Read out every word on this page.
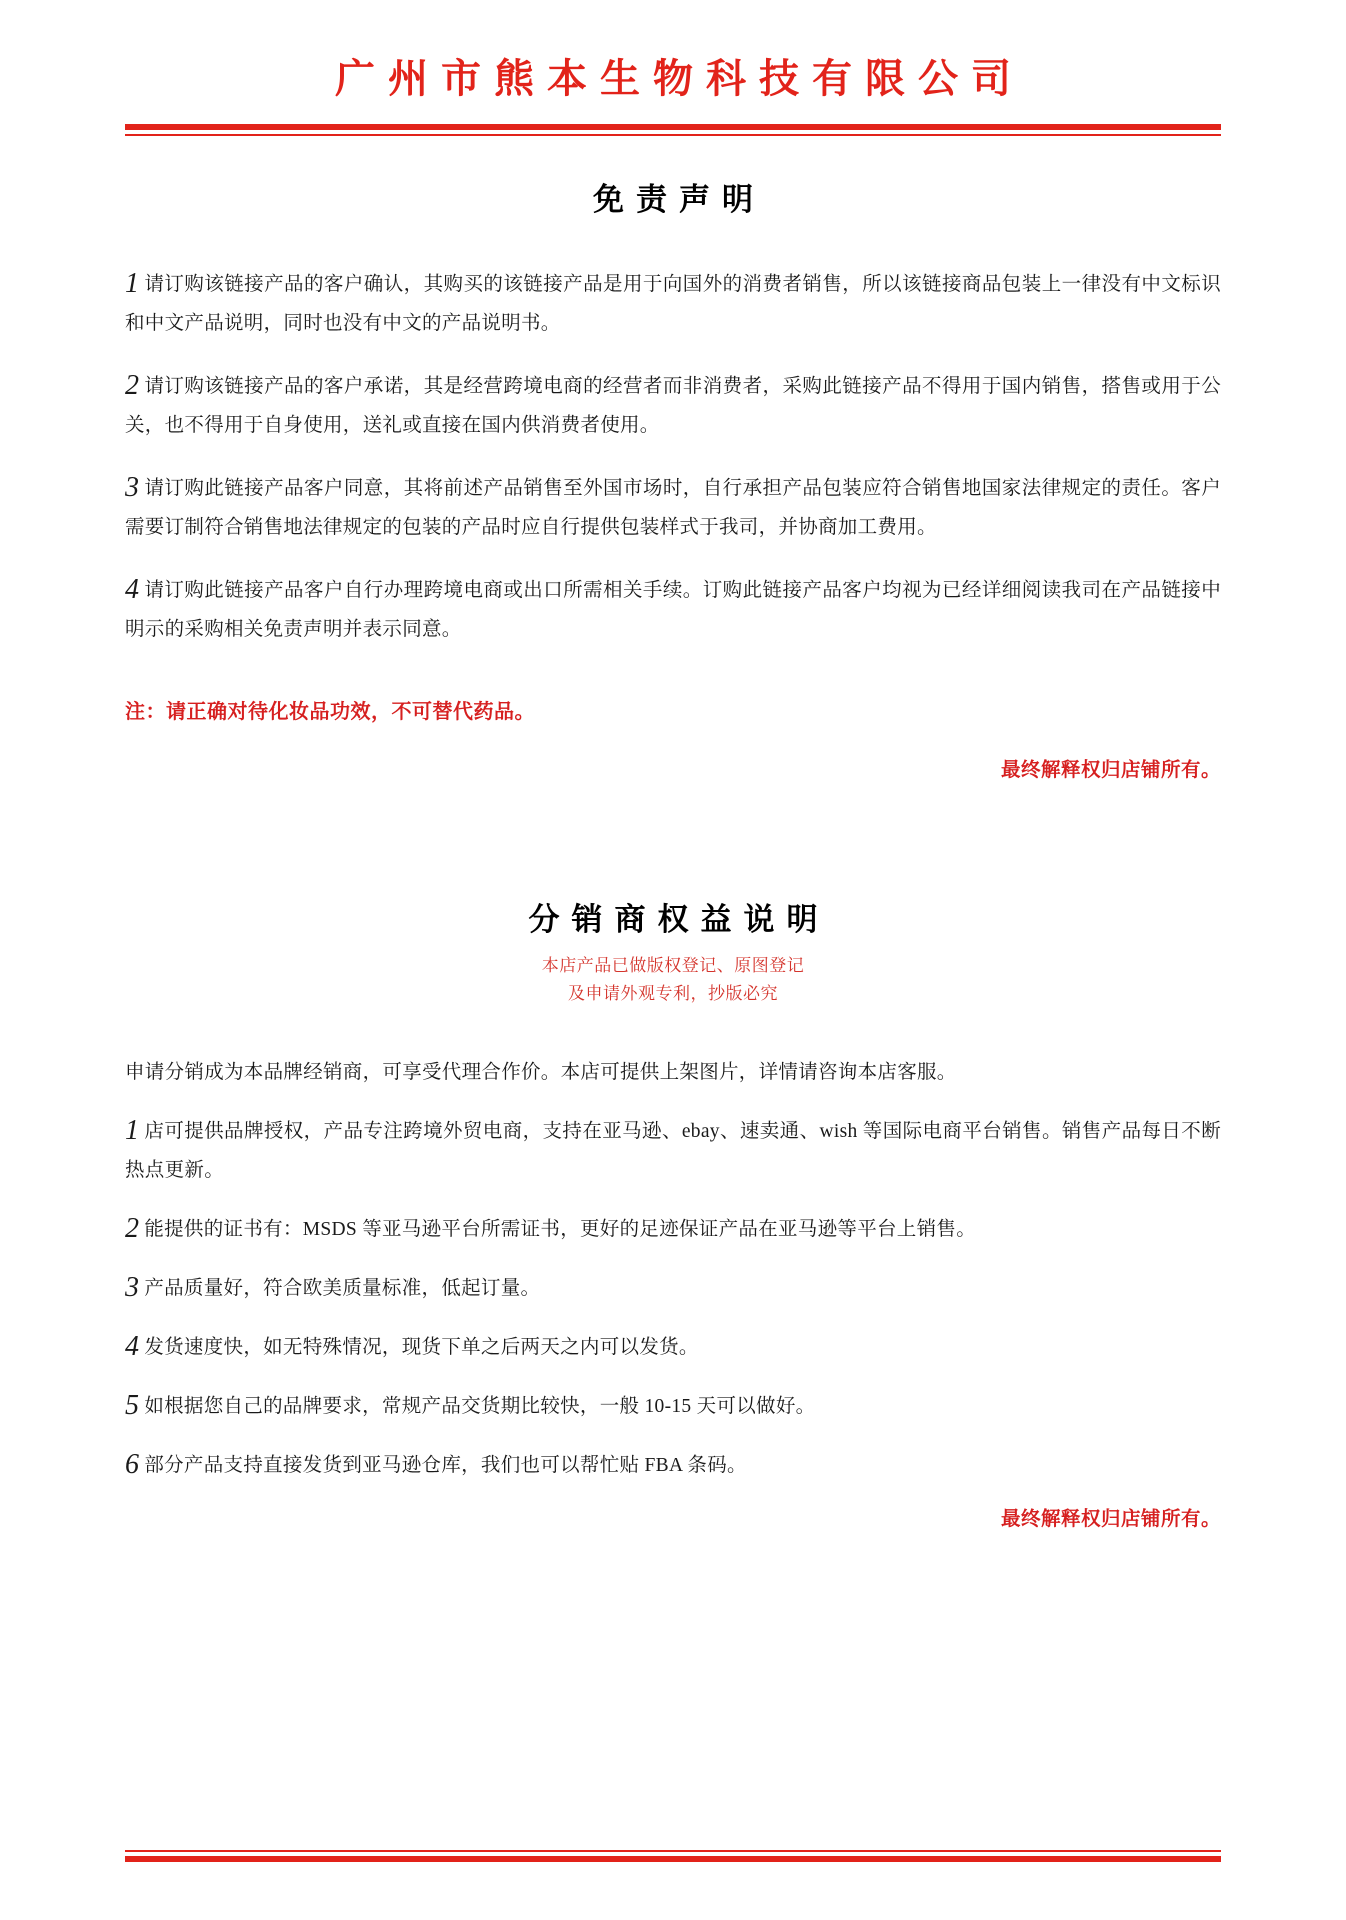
广州市熊本生物科技有限公司
免责声明

1 请订购该链接产品的客户确认，其购买的该链接产品是用于向国外的消费者销售，所以该链接商品包装上一律没有中文标识和中文产品说明，同时也没有中文的产品说明书。

2 请订购该链接产品的客户承诺，其是经营跨境电商的经营者而非消费者，采购此链接产品不得用于国内销售，搭售或用于公关，也不得用于自身使用，送礼或直接在国内供消费者使用。

3 请订购此链接产品客户同意，其将前述产品销售至外国市场时，自行承担产品包装应符合销售地国家法律规定的责任。客户需要订制符合销售地法律规定的包装的产品时应自行提供包装样式于我司，并协商加工费用。

4 请订购此链接产品客户自行办理跨境电商或出口所需相关手续。订购此链接产品客户均视为已经详细阅读我司在产品链接中明示的采购相关免责声明并表示同意。

注：请正确对待化妆品功效，不可替代药品。

最终解释权归店铺所有。

分销商权益说明
本店产品已做版权登记、原图登记
及申请外观专利，抄版必究

申请分销成为本品牌经销商，可享受代理合作价。本店可提供上架图片，详情请咨询本店客服。

1 店可提供品牌授权，产品专注跨境外贸电商，支持在亚马逊、ebay、速卖通、wish 等国际电商平台销售。销售产品每日不断热点更新。

2 能提供的证书有：MSDS 等亚马逊平台所需证书，更好的足迹保证产品在亚马逊等平台上销售。

3 产品质量好，符合欧美质量标准，低起订量。

4 发货速度快，如无特殊情况，现货下单之后两天之内可以发货。

5 如根据您自己的品牌要求，常规产品交货期比较快，一般 10-15 天可以做好。

6 部分产品支持直接发货到亚马逊仓库，我们也可以帮忙贴 FBA 条码。

最终解释权归店铺所有。
